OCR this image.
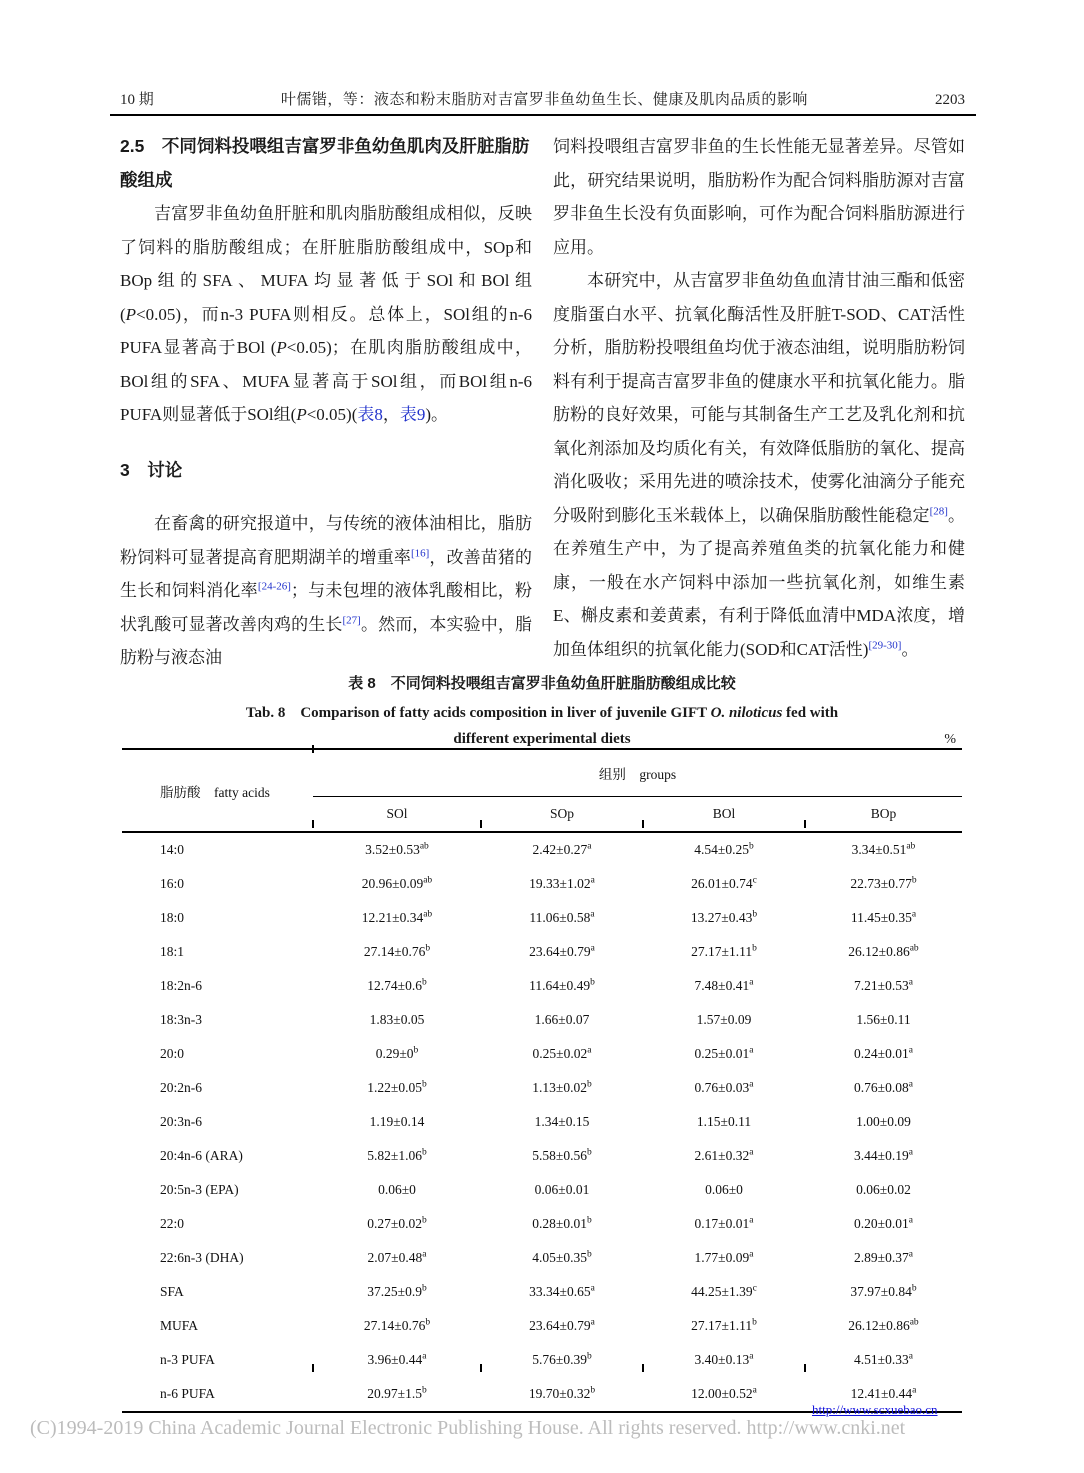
10 期	叶儒锴，等：液态和粉末脂肪对吉富罗非鱼幼鱼生长、健康及肌肉品质的影响	2203
2.5　不同饲料投喂组吉富罗非鱼幼鱼肌肉及肝脏脂肪酸组成

吉富罗非鱼幼鱼肝脏和肌肉脂肪酸组成相似，反映了饲料的脂肪酸组成；在肝脏脂肪酸组成中，SOp和BOp组的SFA、MUFA均显著低于SOl和BOl组(P<0.05)，而n-3 PUFA则相反。总体上，SOl组的n-6 PUFA显著高于BOl (P<0.05)；在肌肉脂肪酸组成中，BOl组的SFA、MUFA显著高于SOl组，而BOl组n-6 PUFA则显著低于SOl组(P<0.05)(表8，表9)。

3　讨论

在畜禽的研究报道中，与传统的液体油相比，脂肪粉饲料可显著提高育肥期湖羊的增重率[16]，改善苗猪的生长和饲料消化率[24-26]；与未包埋的液体乳酸相比，粉状乳酸可显著改善肉鸡的生长[27]。然而，本实验中，脂肪粉与液态油

饲料投喂组吉富罗非鱼的生长性能无显著差异。尽管如此，研究结果说明，脂肪粉作为配合饲料脂肪源对吉富罗非鱼生长没有负面影响，可作为配合饲料脂肪源进行应用。

本研究中，从吉富罗非鱼幼鱼血清甘油三酯和低密度脂蛋白水平、抗氧化酶活性及肝脏T-SOD、CAT活性分析，脂肪粉投喂组鱼均优于液态油组，说明脂肪粉饲料有利于提高吉富罗非鱼的健康水平和抗氧化能力。脂肪粉的良好效果，可能与其制备生产工艺及乳化剂和抗氧化剂添加及均质化有关，有效降低脂肪的氧化、提高消化吸收；采用先进的喷涂技术，使雾化油滴分子能充分吸附到膨化玉米载体上，以确保脂肪酸性能稳定[28]。在养殖生产中，为了提高养殖鱼类的抗氧化能力和健康，一般在水产饲料中添加一些抗氧化剂，如维生素E、槲皮素和姜黄素，有利于降低血清中MDA浓度，增加鱼体组织的抗氧化能力(SOD和CAT活性)[29-30]。

表 8　不同饲料投喂组吉富罗非鱼幼鱼肝脏脂肪酸组成比较
Tab. 8　Comparison of fatty acids composition in liver of juvenile GIFT O. niloticus fed with
different experimental diets	%
脂肪酸　fatty acids	组别　groups			
	SOl	SOp	BOl	BOp
14:0	3.52±0.53$^{ab}$	2.42±0.27$^a$	4.54±0.25$^b$	3.34±0.51$^{ab}$
16:0	20.96±0.09$^{ab}$	19.33±1.02$^a$	26.01±0.74$^c$	22.73±0.77$^b$
18:0	12.21±0.34$^{ab}$	11.06±0.58$^a$	13.27±0.43$^b$	11.45±0.35$^a$
18:1	27.14±0.76$^b$	23.64±0.79$^a$	27.17±1.11$^b$	26.12±0.86$^{ab}$
18:2n-6	12.74±0.6$^b$	11.64±0.49$^b$	7.48±0.41$^a$	7.21±0.53$^a$
18:3n-3	1.83±0.05	1.66±0.07	1.57±0.09	1.56±0.11
20:0	$0.29\pm 0^b$	0.25±0.02$^a$	0.25±0.01$^a$	0.24±0.01$^a$
20:2n-6	1.22±0.05$^b$	1.13±0.02$^b$	0.76±0.03$^a$	0.76±0.08$^a$
20:3n-6	1.19±0.14	1.34±0.15	1.15±0.11	1.00±0.09
20:4n-6 (ARA)	5.82±1.06$^b$	5.58±0.56$^b$	2.61±0.32$^a$	3.44±0.19$^a$
20:5n-3 (EPA)	0.06±0	0.06±0.01	0.06±0	0.06±0.02
22:0	0.27±0.02$^b$	0.28±0.01$^b$	0.17±0.01$^a$	0.20±0.01$^a$
22:6n-3 (DHA)	2.07±0.48$^a$	4.05±0.35$^b$	1.77±0.09$^a$	2.89±0.37$^a$
SFA	37.25±0.9$^b$	33.34±0.65$^a$	44.25±1.39$^c$	37.97±0.84$^b$
MUFA	27.14±0.76$^b$	23.64±0.79$^a$	27.17±1.11$^b$	26.12±0.86$^{ab}$
n-3 PUFA	3.96±0.44$^a$	5.76±0.39$^b$	3.40±0.13$^a$	4.51±0.33$^a$
n-6 PUFA	20.97±1.5$^b$	19.70±0.32$^b$	12.00±0.52$^a$	12.41±0.44$^a$
http://www.scxuebao.cn
(C)1994-2019 China Academic Journal Electronic Publishing House. All rights reserved. http://www.cnki.net
